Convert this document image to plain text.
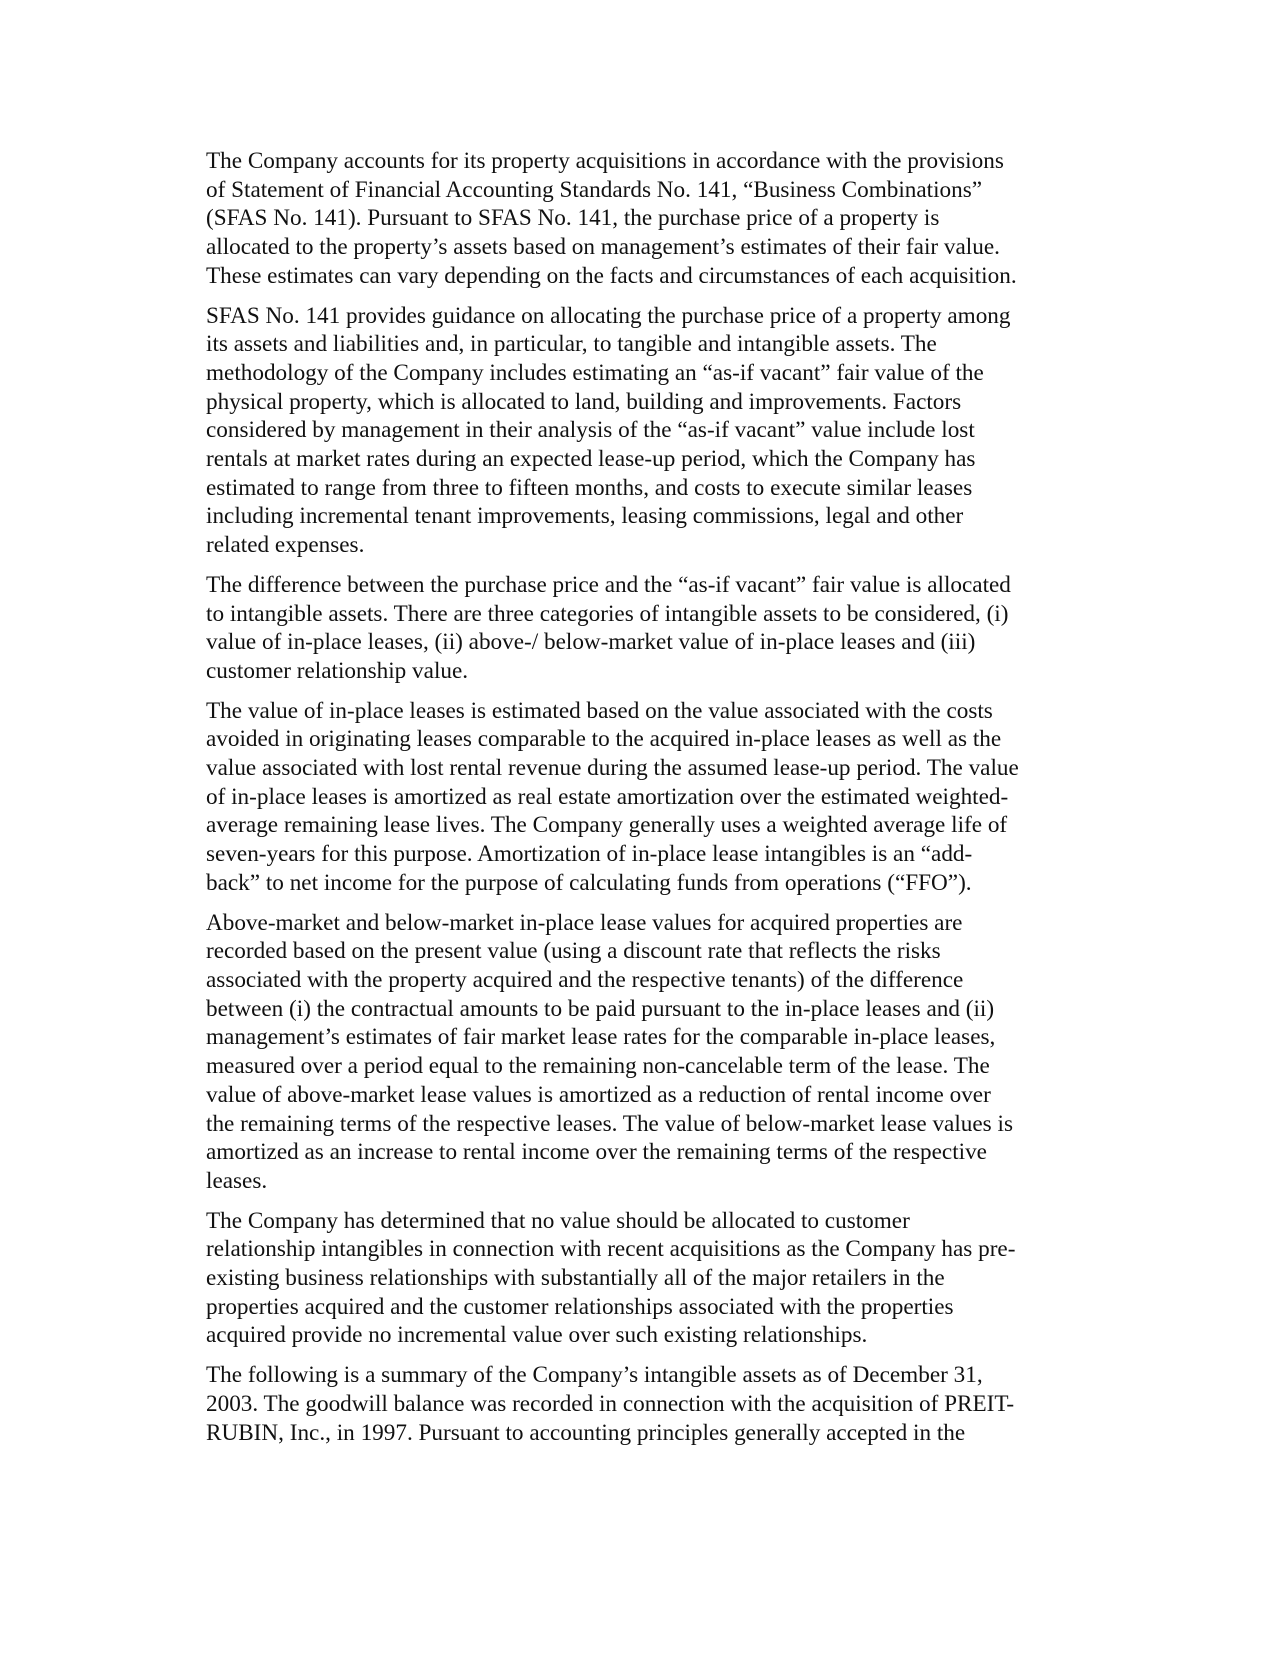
The Company accounts for its property acquisitions in accordance with the provisions
of Statement of Financial Accounting Standards No. 141, “Business Combinations”
(SFAS No. 141). Pursuant to SFAS No. 141, the purchase price of a property is
allocated to the property’s assets based on management’s estimates of their fair value.
These estimates can vary depending on the facts and circumstances of each acquisition.

SFAS No. 141 provides guidance on allocating the purchase price of a property among
its assets and liabilities and, in particular, to tangible and intangible assets. The
methodology of the Company includes estimating an “as-if vacant” fair value of the
physical property, which is allocated to land, building and improvements. Factors
considered by management in their analysis of the “as-if vacant” value include lost
rentals at market rates during an expected lease-up period, which the Company has
estimated to range from three to fifteen months, and costs to execute similar leases
including incremental tenant improvements, leasing commissions, legal and other
related expenses.

The difference between the purchase price and the “as-if vacant” fair value is allocated
to intangible assets. There are three categories of intangible assets to be considered, (i)
value of in-place leases, (ii) above-/ below-market value of in-place leases and (iii)
customer relationship value.

The value of in-place leases is estimated based on the value associated with the costs
avoided in originating leases comparable to the acquired in-place leases as well as the
value associated with lost rental revenue during the assumed lease-up period. The value
of in-place leases is amortized as real estate amortization over the estimated weighted-
average remaining lease lives. The Company generally uses a weighted average life of
seven-years for this purpose. Amortization of in-place lease intangibles is an “add-
back” to net income for the purpose of calculating funds from operations (“FFO”).

Above-market and below-market in-place lease values for acquired properties are
recorded based on the present value (using a discount rate that reflects the risks
associated with the property acquired and the respective tenants) of the difference
between (i) the contractual amounts to be paid pursuant to the in-place leases and (ii)
management’s estimates of fair market lease rates for the comparable in-place leases,
measured over a period equal to the remaining non-cancelable term of the lease. The
value of above-market lease values is amortized as a reduction of rental income over
the remaining terms of the respective leases. The value of below-market lease values is
amortized as an increase to rental income over the remaining terms of the respective
leases.

The Company has determined that no value should be allocated to customer
relationship intangibles in connection with recent acquisitions as the Company has pre-
existing business relationships with substantially all of the major retailers in the
properties acquired and the customer relationships associated with the properties
acquired provide no incremental value over such existing relationships.

The following is a summary of the Company’s intangible assets as of December 31,
2003. The goodwill balance was recorded in connection with the acquisition of PREIT-
RUBIN, Inc., in 1997. Pursuant to accounting principles generally accepted in the
